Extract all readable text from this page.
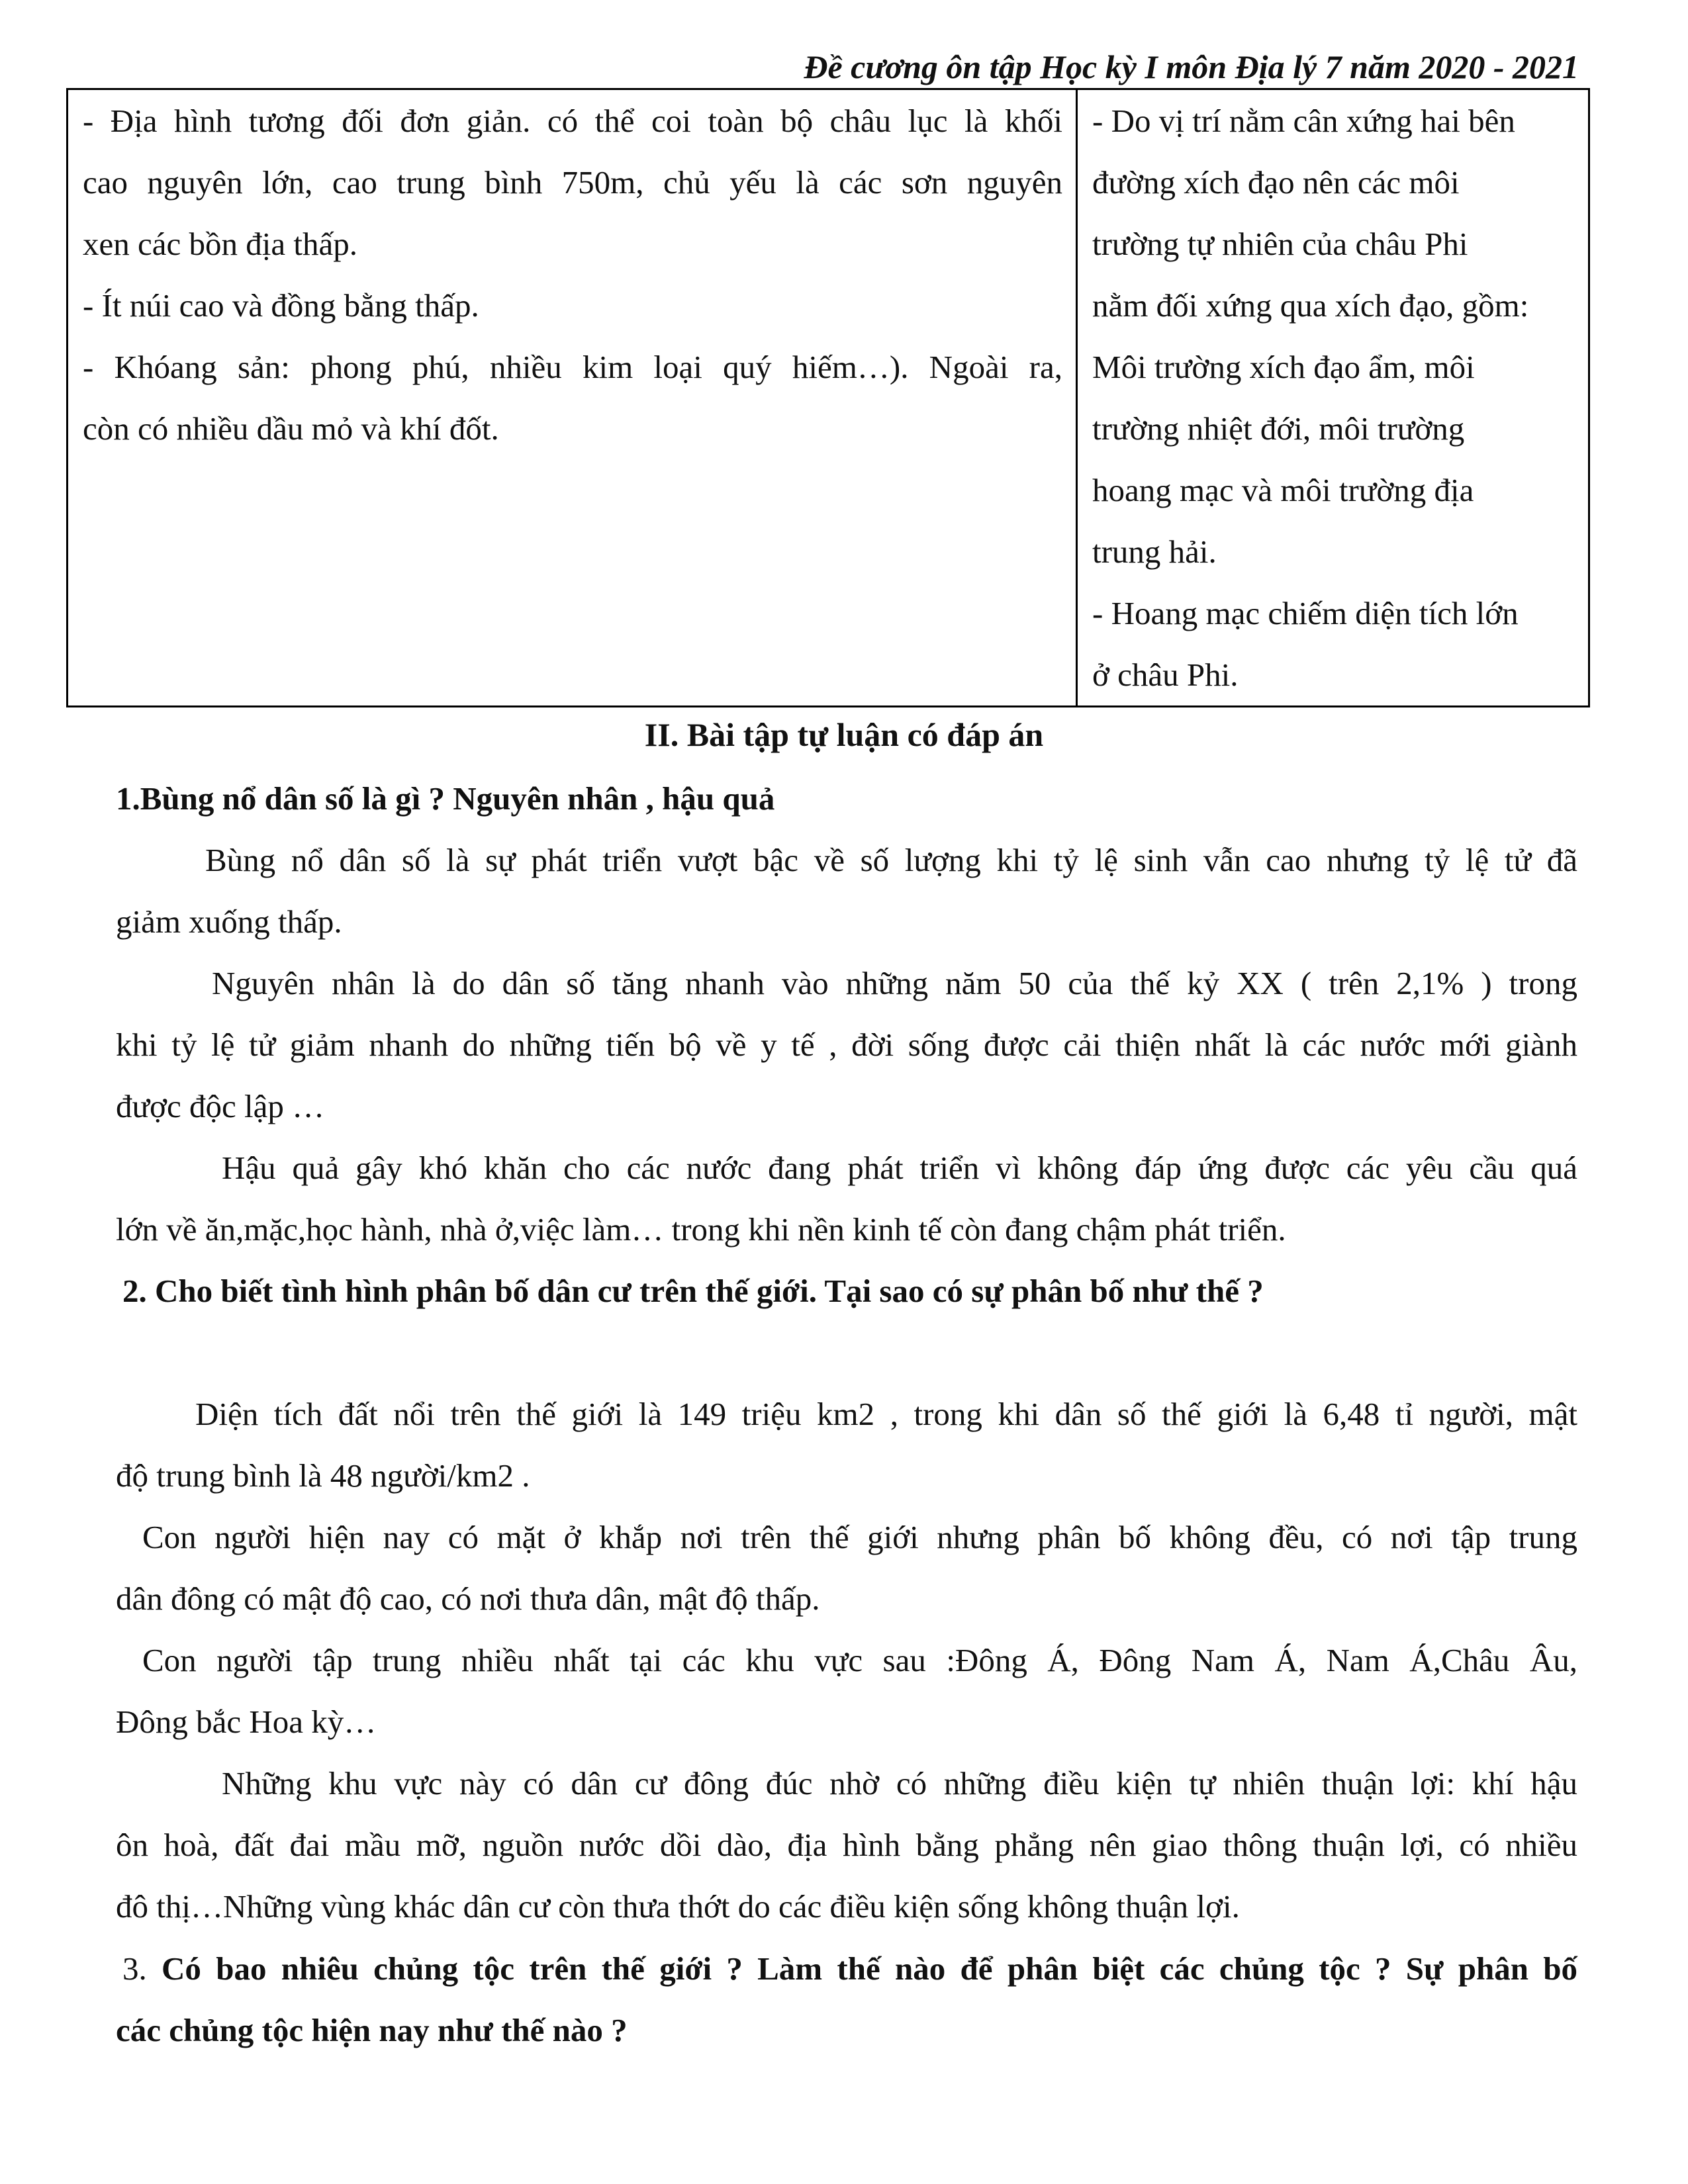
Đề cương ôn tập Học kỳ I môn Địa lý 7 năm 2020 - 2021
- Địa hình tương đối đơn giản. có thể coi toàn bộ châu lục là khối
cao nguyên lớn, cao trung bình 750m, chủ yếu là các sơn nguyên
xen các bồn địa thấp.
- Ít núi cao và đồng bằng thấp.
- Khóang sản: phong phú, nhiều kim loại quý hiếm…). Ngoài ra,
còn có nhiều dầu mỏ và khí đốt.
- Do vị trí nằm cân xứng hai bên
đường xích đạo nên các môi
trường tự nhiên của châu Phi
nằm đối xứng qua xích đạo, gồm:
Môi trường xích đạo ẩm, môi
trường nhiệt đới, môi trường
hoang mạc và môi trường địa
trung hải.
- Hoang mạc chiếm diện tích lớn
ở châu Phi.
II. Bài tập tự luận có đáp án
1.Bùng nổ dân số là gì ? Nguyên nhân , hậu quả
Bùng nổ dân số là sự phát triển vượt bậc về số lượng khi tỷ lệ sinh vẫn cao nhưng tỷ lệ tử đã
giảm xuống thấp.
Nguyên nhân là do dân số tăng nhanh vào những năm 50 của thế kỷ XX ( trên 2,1% ) trong
khi tỷ lệ tử giảm nhanh do những tiến bộ về y tế , đời sống được cải thiện nhất là các nước mới giành
được độc lập …
Hậu quả gây khó khăn cho các nước đang phát triển vì không đáp ứng được các yêu cầu quá
lớn về ăn,mặc,học hành, nhà ở,việc làm… trong khi nền kinh tế còn đang chậm phát triển.
2. Cho biết tình hình phân bố dân cư trên thế giới. Tại sao có sự phân bố như thế ?
Diện tích đất nổi trên thế giới là 149 triệu km2 , trong khi dân số thế giới là 6,48 tỉ người, mật
độ trung bình là 48 người/km2 .
Con người hiện nay có mặt ở khắp nơi trên thế giới nhưng phân bố không đều, có nơi tập trung
dân đông có mật độ cao, có nơi thưa dân, mật độ thấp.
Con người tập trung nhiều nhất tại các khu vực sau :Đông Á, Đông Nam Á, Nam Á,Châu Âu,
Đông bắc Hoa kỳ…
Những khu vực này có dân cư đông đúc nhờ có những điều kiện tự nhiên thuận lợi: khí hậu
ôn hoà, đất đai mầu mỡ, nguồn nước dồi dào, địa hình bằng phẳng nên giao thông thuận lợi, có nhiều
đô thị…Những vùng khác dân cư còn thưa thớt do các điều kiện sống không thuận lợi.
3. Có bao nhiêu chủng tộc trên thế giới ? Làm thế nào để phân biệt các chủng tộc ? Sự phân bố
các chủng tộc hiện nay như thế nào ?
